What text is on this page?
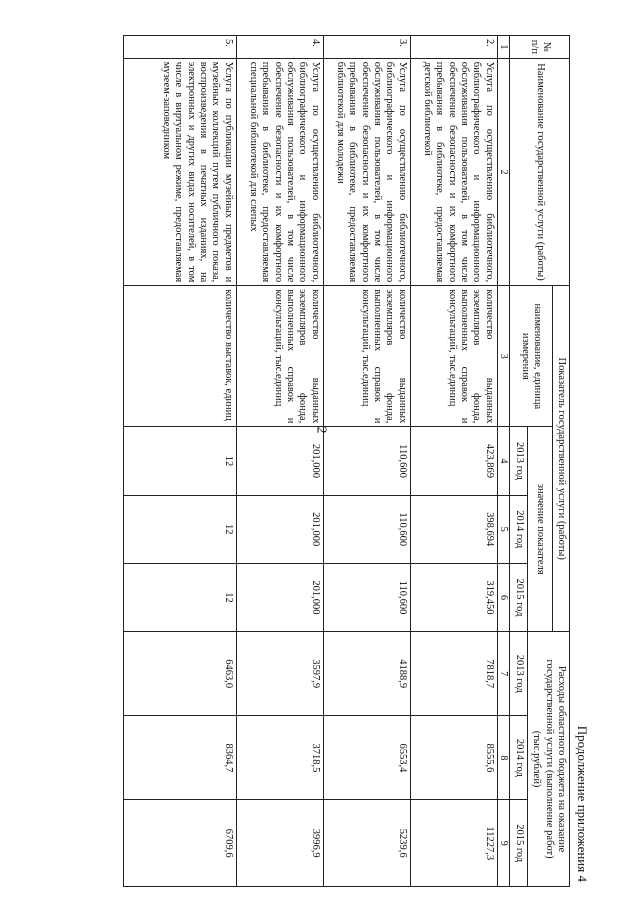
2
Продолжение приложения 4
№ п/п	Наименование государственной услуги (работы)	Показатель государственной услуги (работы)				Расходы областного бюджета на оказание государственной услуги (выполнение работ) (тыс.рублей)		
		наименование, единица измерения	значение показателя					
			2013 год	2014 год	2015 год	2013 год	2014 год	2015 год
1	2	3	4	5	6	7	8	9
2.	Услуга по осуществлению библиотечного, библиографического и информационного обслуживания пользователей, в том числе обеспечение безопасности и их комфортного пребывания в библиотеке, предоставляемая детской библиотекой	количество выданных экземпляров фонда, выполненных справок и консультаций, тыс.единиц	423,869	398,694	319,450	7818,7	8555,6	11227,3
3.	Услуга по осуществлению библиотечного, библиографического и информационного обслуживания пользователей, в том числе обеспечение безопасности и их комфортного пребывания в библиотеке, предоставляемая библиотекой для молодежи	количество выданных экземпляров фонда, выполненных справок и консультаций, тыс.единиц	110,600	110,600	110,600	4188,9	6553,4	5239,6
4.	Услуга по осуществлению библиотечного, библиографического и информационного обслуживания пользователей, в том числе обеспечение безопасности и их комфортного пребывания в библиотеке, предоставляемая специальной библиотекой для слепых	количество выданных экземпляров фонда, выполненных справок и консультаций, тыс.единиц	201,000	201,000	201,000	3597,9	3718,5	3996,9
5.	Услуга по публикации музейных предметов и музейных коллекций путем публичного показа, воспроизведения в печатных изданиях, на электронных и других видах носителей, в том числе в виртуальном режиме, предоставляемая музеем-заповедником	количество выставок, единиц	12	12	12	6463,0	8364,7	6709,6
